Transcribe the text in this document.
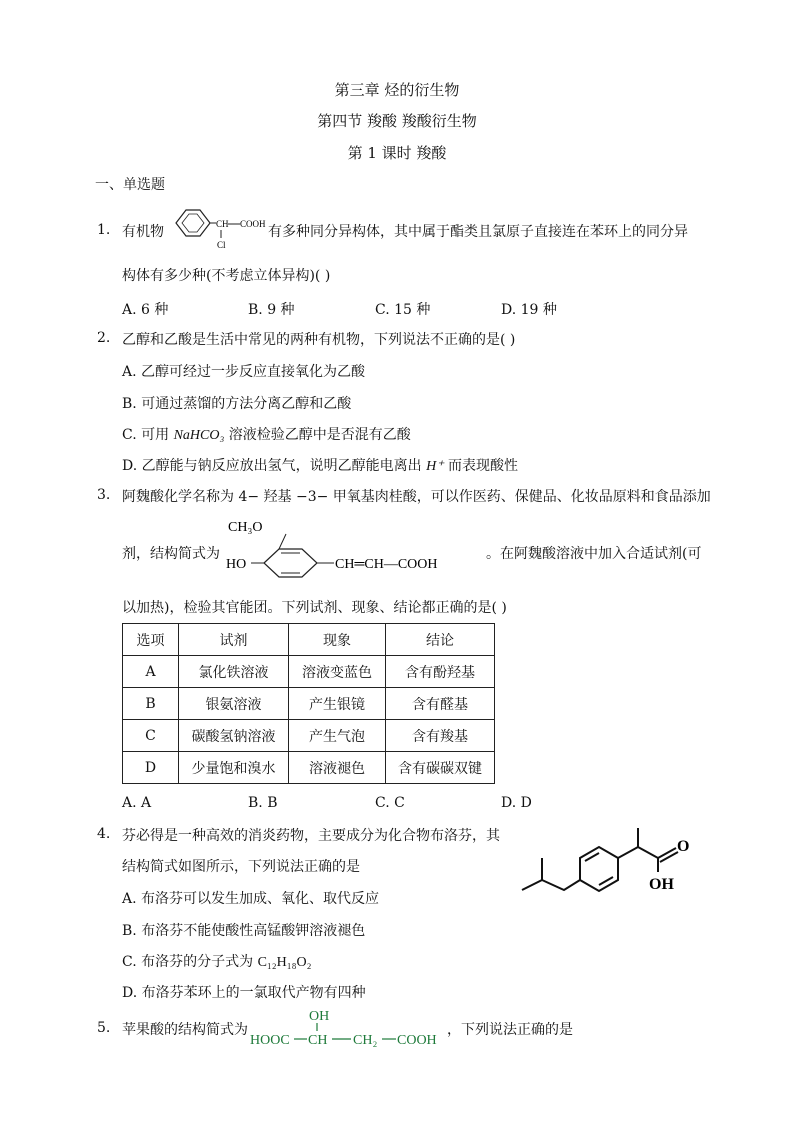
第三章 烃的衍生物
第四节 羧酸 羧酸衍生物
第 1 课时 羧酸
一、单选题
1. 有机物	CH COOH
Cl
有多种同分异构体，其中属于酯类且氯原子直接连在苯环上的同分异
构体有多少种(不考虑立体异构)( )
A. 6 种	B. 9 种	C. 15 种	D. 19 种
2. 乙醇和乙酸是生活中常见的两种有机物，下列说法不正确的是( )
A. 乙醇可经过一步反应直接氧化为乙酸
B. 可通过蒸馏的方法分离乙醇和乙酸
C. 可用 NaHCO₃ 溶液检验乙醇中是否混有乙酸
D. 乙醇能与钠反应放出氢气，说明乙醇能电离出 H⁺ 而表现酸性
3. 阿魏酸化学名称为 4− 羟基 −3− 甲氧基肉桂酸，可以作医药、保健品、化妆品原料和食品添加
剂，结构简式为
CH₃O
HO	CH═CH—COOH
。在阿魏酸溶液中加入合适试剂(可
以加热)，检验其官能团。下列试剂、现象、结论都正确的是( )
选项	试剂	现象	结论
A	氯化铁溶液	溶液变蓝色	含有酚羟基
B	银氨溶液	产生银镜	含有醛基
C	碳酸氢钠溶液	产生气泡	含有羧基
D	少量饱和溴水	溶液褪色	含有碳碳双键
A. A	B. B	C. C	D. D
4. 芬必得是一种高效的消炎药物，主要成分为化合物布洛芬，其
结构简式如图所示，下列说法正确的是
O
OH
A. 布洛芬可以发生加成、氧化、取代反应
B. 布洛芬不能使酸性高锰酸钾溶液褪色
C. 布洛芬的分子式为 C₁₂H₁₈O₂
D. 布洛芬苯环上的一氯取代产物有四种
5. 苹果酸的结构简式为
OH
HOOC CH CH₂ COOH
，下列说法正确的是
